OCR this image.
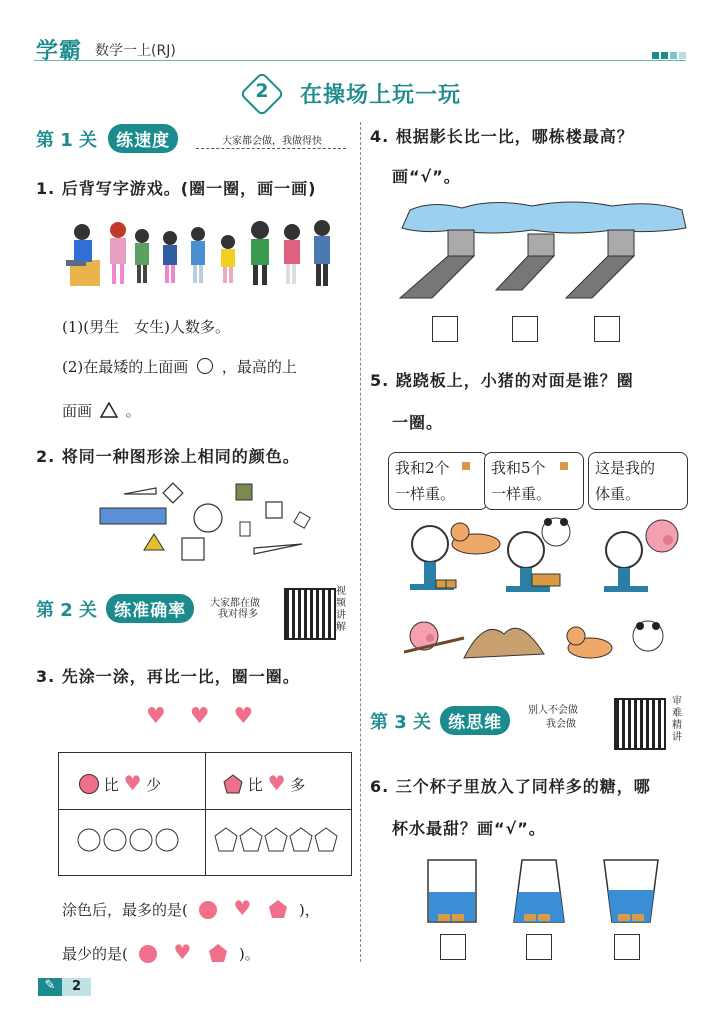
学霸 数学一上(RJ)
2 在操场上玩一玩
第 1 关 练速度	大家都会做，我做得快
1. 后背写字游戏。(圈一圈，画一画)
(1)(男生　女生)人数多。
(2)在最矮的上面画 ，最高的上
面画 。
2. 将同一种图形涂上相同的颜色。
第 2 关 练准确率	大家都在做
我对得多
视频讲解
3. 先涂一涂，再比一比，圈一圈。
♥♥♥
比 ♥ 少	比 ♥ 多
涂色后，最多的是( ♥	)，
最少的是( ♥	)。
4. 根据影长比一比，哪栋楼最高？
画“√”。
5. 跷跷板上，小猪的对面是谁？圈
一圈。
我和2个
一样重。
我和5个
一样重。
这是我的
体重。
第 3 关 练思维
别人不会做
我会做
审难精讲
6. 三个杯子里放入了同样多的糖，哪
杯水最甜？画“√”。
✎ 2
